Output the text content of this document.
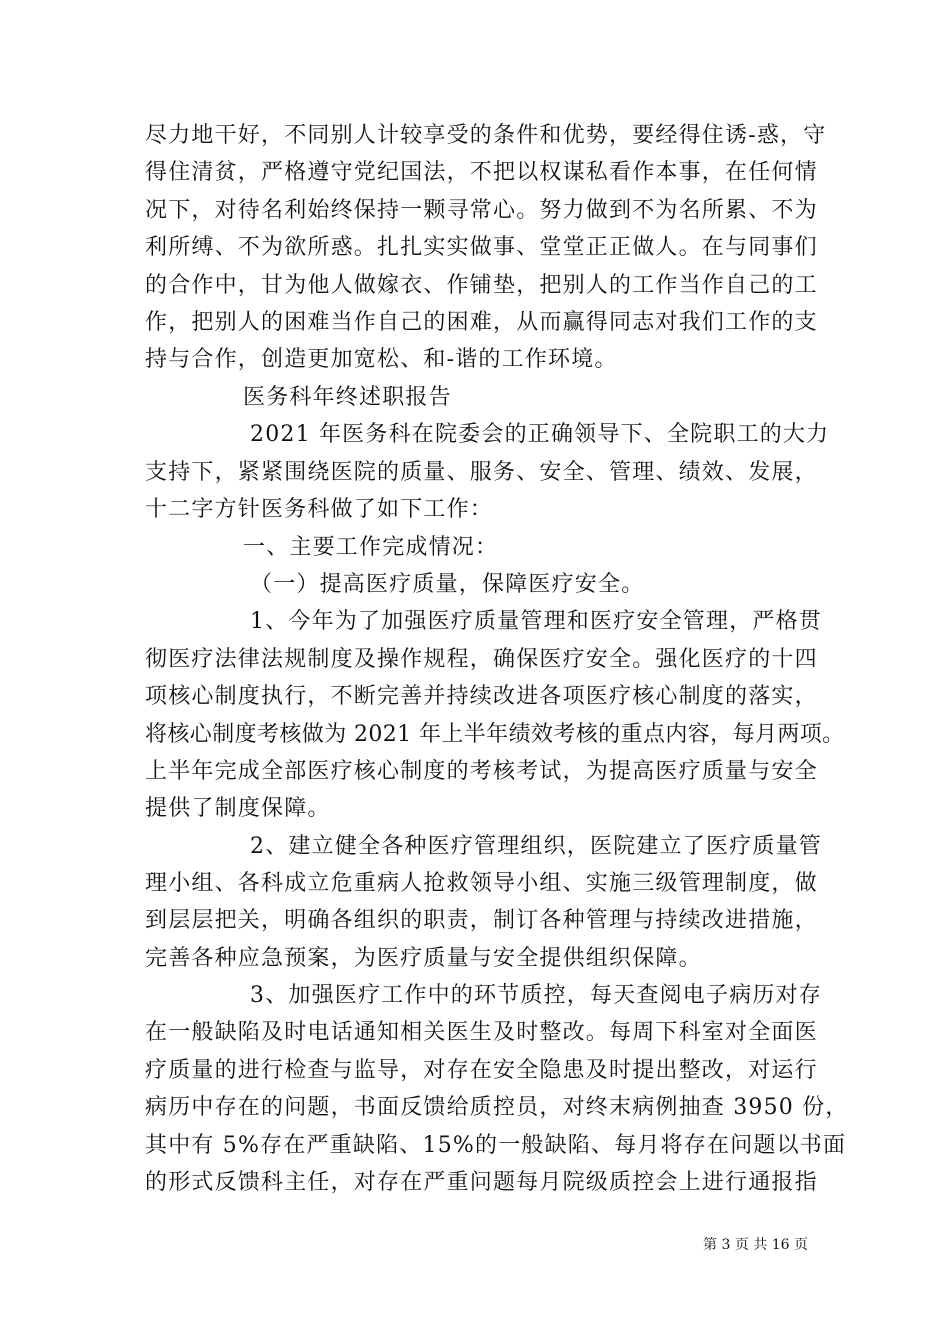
尽力地干好，不同别人计较享受的条件和优势，要经得住诱-惑，守
得住清贫，严格遵守党纪国法，不把以权谋私看作本事，在任何情
况下，对待名利始终保持一颗寻常心。努力做到不为名所累、不为
利所缚、不为欲所惑。扎扎实实做事、堂堂正正做人。在与同事们
的合作中，甘为他人做嫁衣、作铺垫，把别人的工作当作自己的工
作，把别人的困难当作自己的困难，从而赢得同志对我们工作的支
持与合作，创造更加宽松、和-谐的工作环境。
医务科年终述职报告
2021 年医务科在院委会的正确领导下、全院职工的大力
支持下，紧紧围绕医院的质量、服务、安全、管理、绩效、发展，
十二字方针医务科做了如下工作：
一、主要工作完成情况：
（一）提高医疗质量，保障医疗安全。
1、今年为了加强医疗质量管理和医疗安全管理，严格贯
彻医疗法律法规制度及操作规程，确保医疗安全。强化医疗的十四
项核心制度执行，不断完善并持续改进各项医疗核心制度的落实，
将核心制度考核做为 2021 年上半年绩效考核的重点内容，每月两项。
上半年完成全部医疗核心制度的考核考试，为提高医疗质量与安全
提供了制度保障。
2、建立健全各种医疗管理组织，医院建立了医疗质量管
理小组、各科成立危重病人抢救领导小组、实施三级管理制度，做
到层层把关，明确各组织的职责，制订各种管理与持续改进措施，
完善各种应急预案，为医疗质量与安全提供组织保障。
3、加强医疗工作中的环节质控，每天查阅电子病历对存
在一般缺陷及时电话通知相关医生及时整改。每周下科室对全面医
疗质量的进行检查与监导，对存在安全隐患及时提出整改，对运行
病历中存在的问题，书面反馈给质控员，对终末病例抽查 3950 份，
其中有 5%存在严重缺陷、15%的一般缺陷、每月将存在问题以书面
的形式反馈科主任，对存在严重问题每月院级质控会上进行通报指
第 3 页 共 16 页
